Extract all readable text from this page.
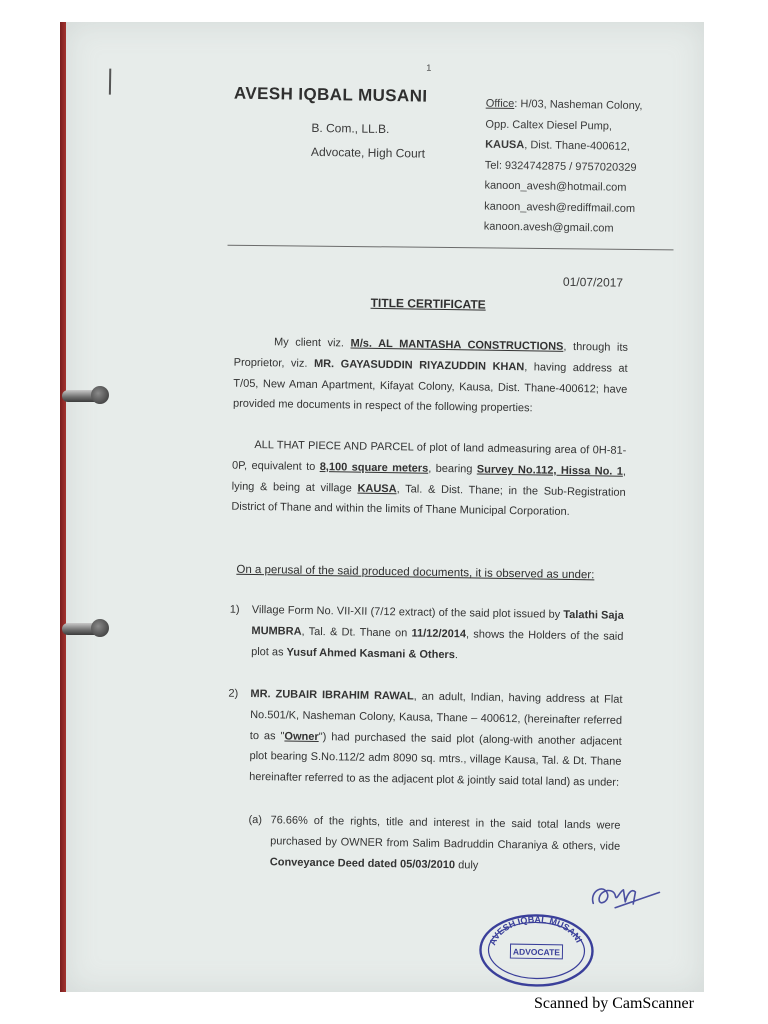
1
AVESH IQBAL MUSANI
B. Com., LL.B.
Advocate, High Court
Office: H/03, Nasheman Colony,
Opp. Caltex Diesel Pump,
KAUSA, Dist. Thane-400612,
Tel: 9324742875 / 9757020329
kanoon_avesh@hotmail.com
kanoon_avesh@rediffmail.com
kanoon.avesh@gmail.com
01/07/2017
TITLE CERTIFICATE
My client viz. M/s. AL MANTASHA CONSTRUCTIONS, through its Proprietor, viz. MR. GAYASUDDIN RIYAZUDDIN KHAN, having address at T/05, New Aman Apartment, Kifayat Colony, Kausa, Dist. Thane-400612; have provided me documents in respect of the following properties:
ALL THAT PIECE AND PARCEL of plot of land admeasuring area of 0H-81-0P, equivalent to 8,100 square meters, bearing Survey No.112, Hissa No. 1, lying & being at village KAUSA, Tal. & Dist. Thane; in the Sub-Registration District of Thane and within the limits of Thane Municipal Corporation.
On a perusal of the said produced documents, it is observed as under:
1) Village Form No. VII-XII (7/12 extract) of the said plot issued by Talathi Saja MUMBRA, Tal. & Dt. Thane on 11/12/2014, shows the Holders of the said plot as Yusuf Ahmed Kasmani & Others.
2) MR. ZUBAIR IBRAHIM RAWAL, an adult, Indian, having address at Flat No.501/K, Nasheman Colony, Kausa, Thane – 400612, (hereinafter referred to as "Owner") had purchased the said plot (along-with another adjacent plot bearing S.No.112/2 adm 8090 sq. mtrs., village Kausa, Tal. & Dt. Thane hereinafter referred to as the adjacent plot & jointly said total land) as under:
(a) 76.66% of the rights, title and interest in the said total lands were purchased by OWNER from Salim Badruddin Charaniya & others, vide Conveyance Deed dated 05/03/2010 duly
AVESH IQBAL MUSANI
ADVOCATE
Scanned by CamScanner
